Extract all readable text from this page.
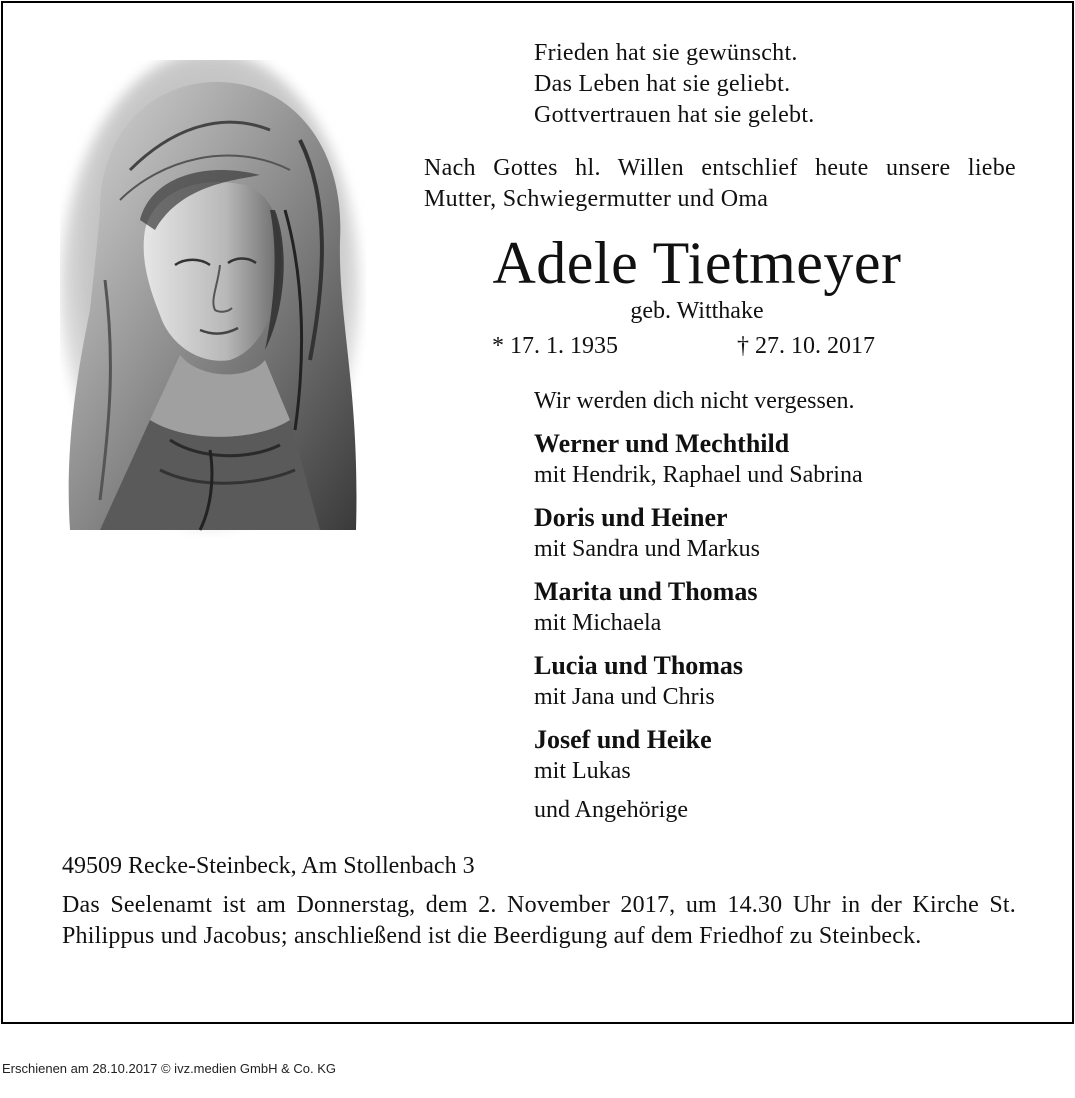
Frieden hat sie gewünscht.
Das Leben hat sie geliebt.
Gottvertrauen hat sie gelebt.
Nach Gottes hl. Willen entschlief heute unsere liebe Mutter, Schwiegermutter und Oma
Adele Tietmeyer
geb. Witthake
* 17. 1. 1935	† 27. 10. 2017
Wir werden dich nicht vergessen.
Werner und Mechthild
mit Hendrik, Raphael und Sabrina
Doris und Heiner
mit Sandra und Markus
Marita und Thomas
mit Michaela
Lucia und Thomas
mit Jana und Chris
Josef und Heike
mit Lukas
und Angehörige
49509 Recke-Steinbeck, Am Stollenbach 3
Das Seelenamt ist am Donnerstag, dem 2. November 2017, um 14.30 Uhr in der Kirche St. Philippus und Jacobus; anschließend ist die Beerdigung auf dem Friedhof zu Steinbeck.
Erschienen am 28.10.2017 © ivz.medien GmbH & Co. KG
